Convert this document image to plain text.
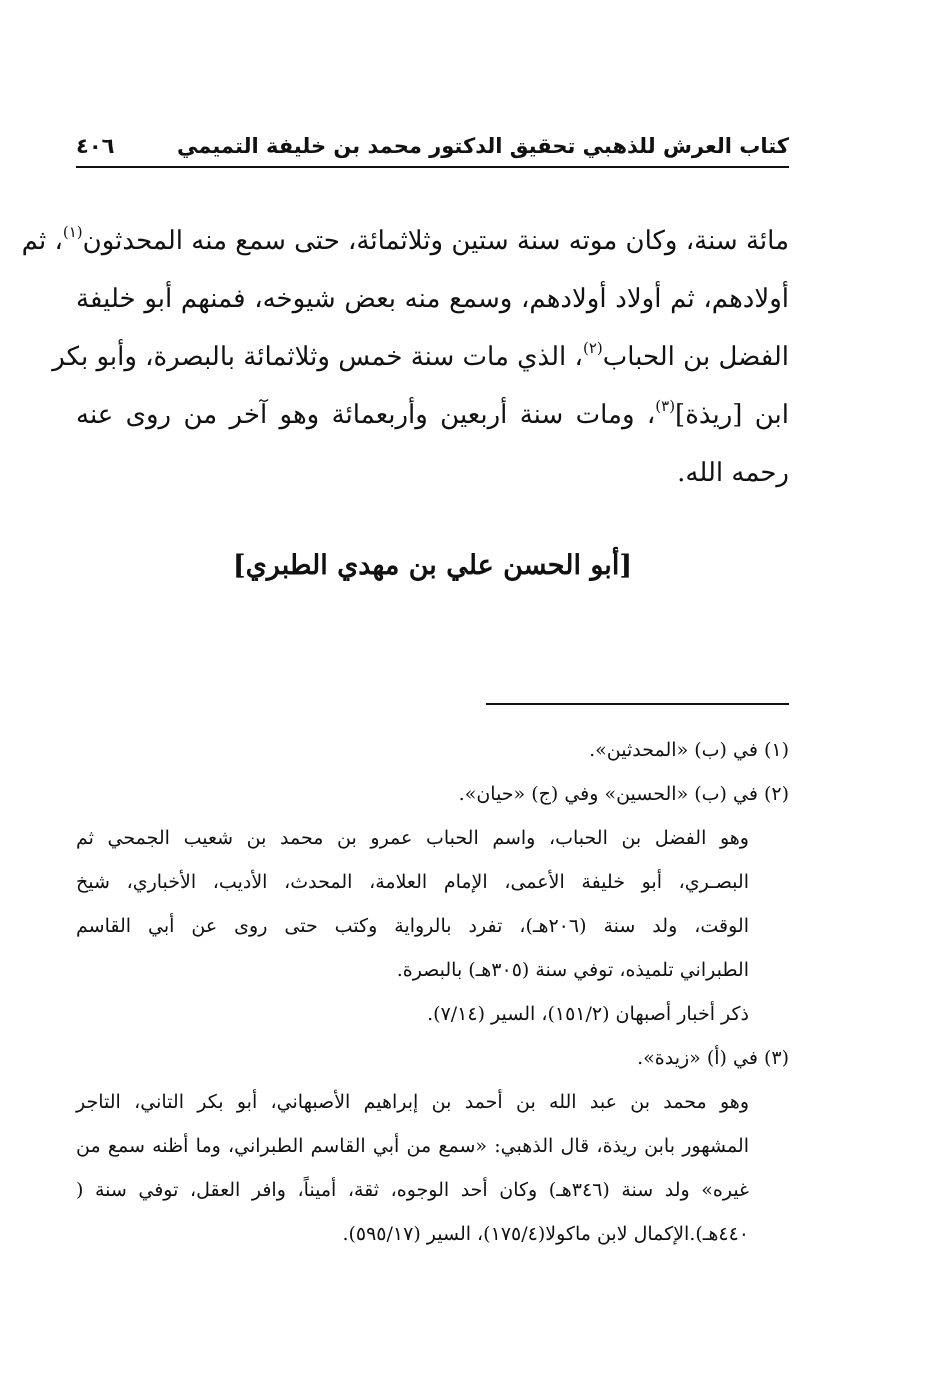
كتاب العرش للذهبي تحقيق الدكتور محمد بن خليفة التميمي
٤٠٦
مائة سنة، وكان موته سنة ستين وثلاثمائة، حتى سمع منه المحدثون$^{(١)}$، ثم
أولادهم، ثم أولاد أولادهم، وسمع منه بعض شيوخه، فمنهم أبو خليفة
الفضل بن الحباب$^{(٢)}$، الذي مات سنة خمس وثلاثمائة بالبصرة، وأبو بكر
ابن [ريذة]$^{(٣)}$، ومات سنة أربعين وأربعمائة وهو آخر من روى عنه
رحمه الله.
[أبو الحسن علي بن مهدي الطبري]
(١) في (ب) «المحدثين».
(٢) في (ب) «الحسين» وفي (ج) «حيان».
وهو الفضل بن الحباب، واسم الحباب عمرو بن محمد بن شعيب الجمحي ثم
البصـري، أبو خليفة الأعمى، الإمام العلامة، المحدث، الأديب، الأخباري، شيخ
الوقت، ولد سنة (٢٠٦هـ)، تفرد بالرواية وكتب حتى روى عن أبي القاسم
الطبراني تلميذه، توفي سنة (٣٠٥هـ) بالبصرة.
ذكر أخبار أصبهان (١٥١/٢)، السير (٧/١٤).
(٣) في (أ) «زيدة».
وهو محمد بن عبد الله بن أحمد بن إبراهيم الأصبهاني، أبو بكر التاني، التاجر
المشهور بابن ريذة، قال الذهبي: «سمع من أبي القاسم الطبراني، وما أظنه سمع من
غيره» ولد سنة (٣٤٦هـ) وكان أحد الوجوه، ثقة، أميناً، وافر العقل، توفي سنة (
٤٤٠هـ).الإكمال لابن ماكولا(١٧٥/٤)، السير (٥٩٥/١٧).
